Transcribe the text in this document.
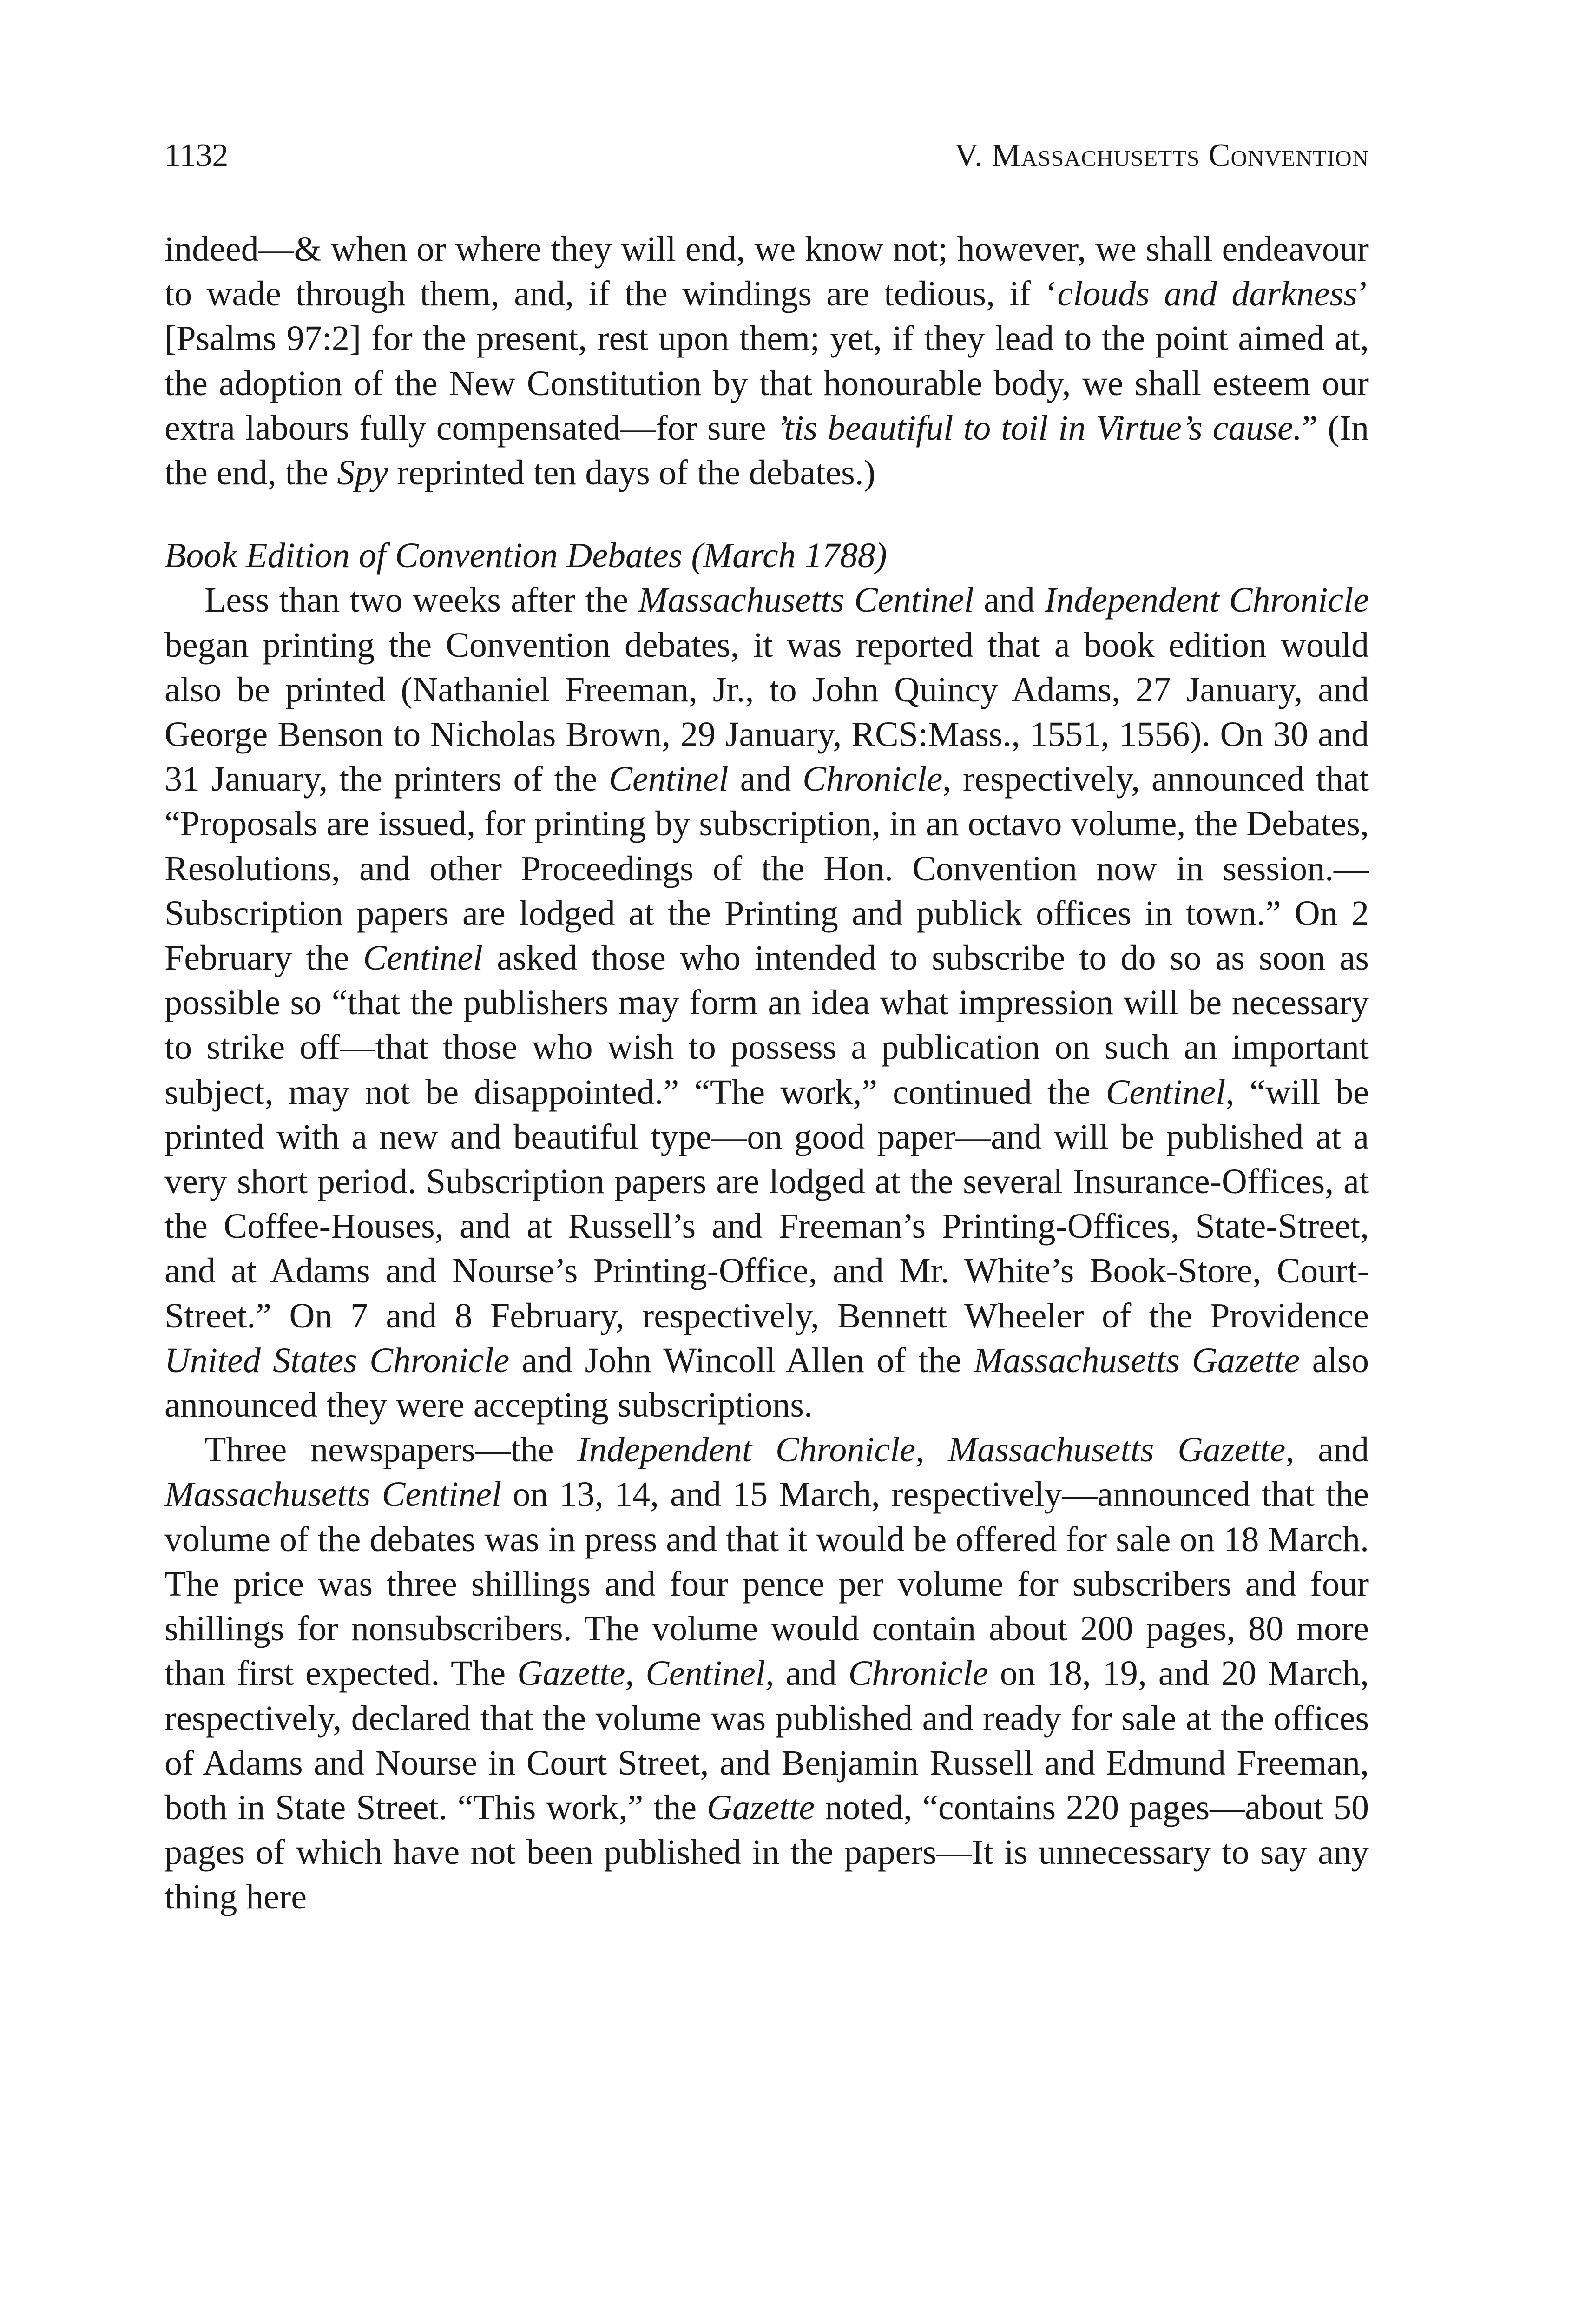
1132	V. Massachusetts Convention

indeed—& when or where they will end, we know not; however, we shall endeavour to wade through them, and, if the windings are tedious, if ‘clouds and darkness’ [Psalms 97:2] for the present, rest upon them; yet, if they lead to the point aimed at, the adoption of the New Constitution by that honourable body, we shall esteem our extra labours fully compensated—for sure ’tis beautiful to toil in Virtue’s cause.” (In the end, the Spy reprinted ten days of the debates.)

Book Edition of Convention Debates (March 1788)

Less than two weeks after the Massachusetts Centinel and Independent Chronicle began printing the Convention debates, it was reported that a book edition would also be printed (Nathaniel Freeman, Jr., to John Quincy Adams, 27 January, and George Benson to Nicholas Brown, 29 January, RCS:Mass., 1551, 1556). On 30 and 31 January, the printers of the Centinel and Chronicle, respectively, announced that “Proposals are issued, for printing by subscription, in an octavo volume, the Debates, Resolutions, and other Proceedings of the Hon. Convention now in session.—Subscription papers are lodged at the Printing and publick offices in town.” On 2 February the Centinel asked those who intended to subscribe to do so as soon as possible so “that the publishers may form an idea what impression will be necessary to strike off—that those who wish to possess a publication on such an important subject, may not be disappointed.” “The work,” continued the Centinel, “will be printed with a new and beautiful type—on good paper—and will be published at a very short period. Subscription papers are lodged at the several Insurance-Offices, at the Coffee-Houses, and at Russell’s and Freeman’s Printing-Offices, State-Street, and at Adams and Nourse’s Printing-Office, and Mr. White’s Book-Store, Court-Street.” On 7 and 8 February, respectively, Bennett Wheeler of the Providence United States Chronicle and John Wincoll Allen of the Massachusetts Gazette also announced they were accepting subscriptions.

Three newspapers—the Independent Chronicle, Massachusetts Gazette, and Massachusetts Centinel on 13, 14, and 15 March, respectively—announced that the volume of the debates was in press and that it would be offered for sale on 18 March. The price was three shillings and four pence per volume for subscribers and four shillings for nonsubscribers. The volume would contain about 200 pages, 80 more than first expected. The Gazette, Centinel, and Chronicle on 18, 19, and 20 March, respectively, declared that the volume was published and ready for sale at the offices of Adams and Nourse in Court Street, and Benjamin Russell and Edmund Freeman, both in State Street. “This work,” the Gazette noted, “contains 220 pages—about 50 pages of which have not been published in the papers—It is unnecessary to say any thing here
